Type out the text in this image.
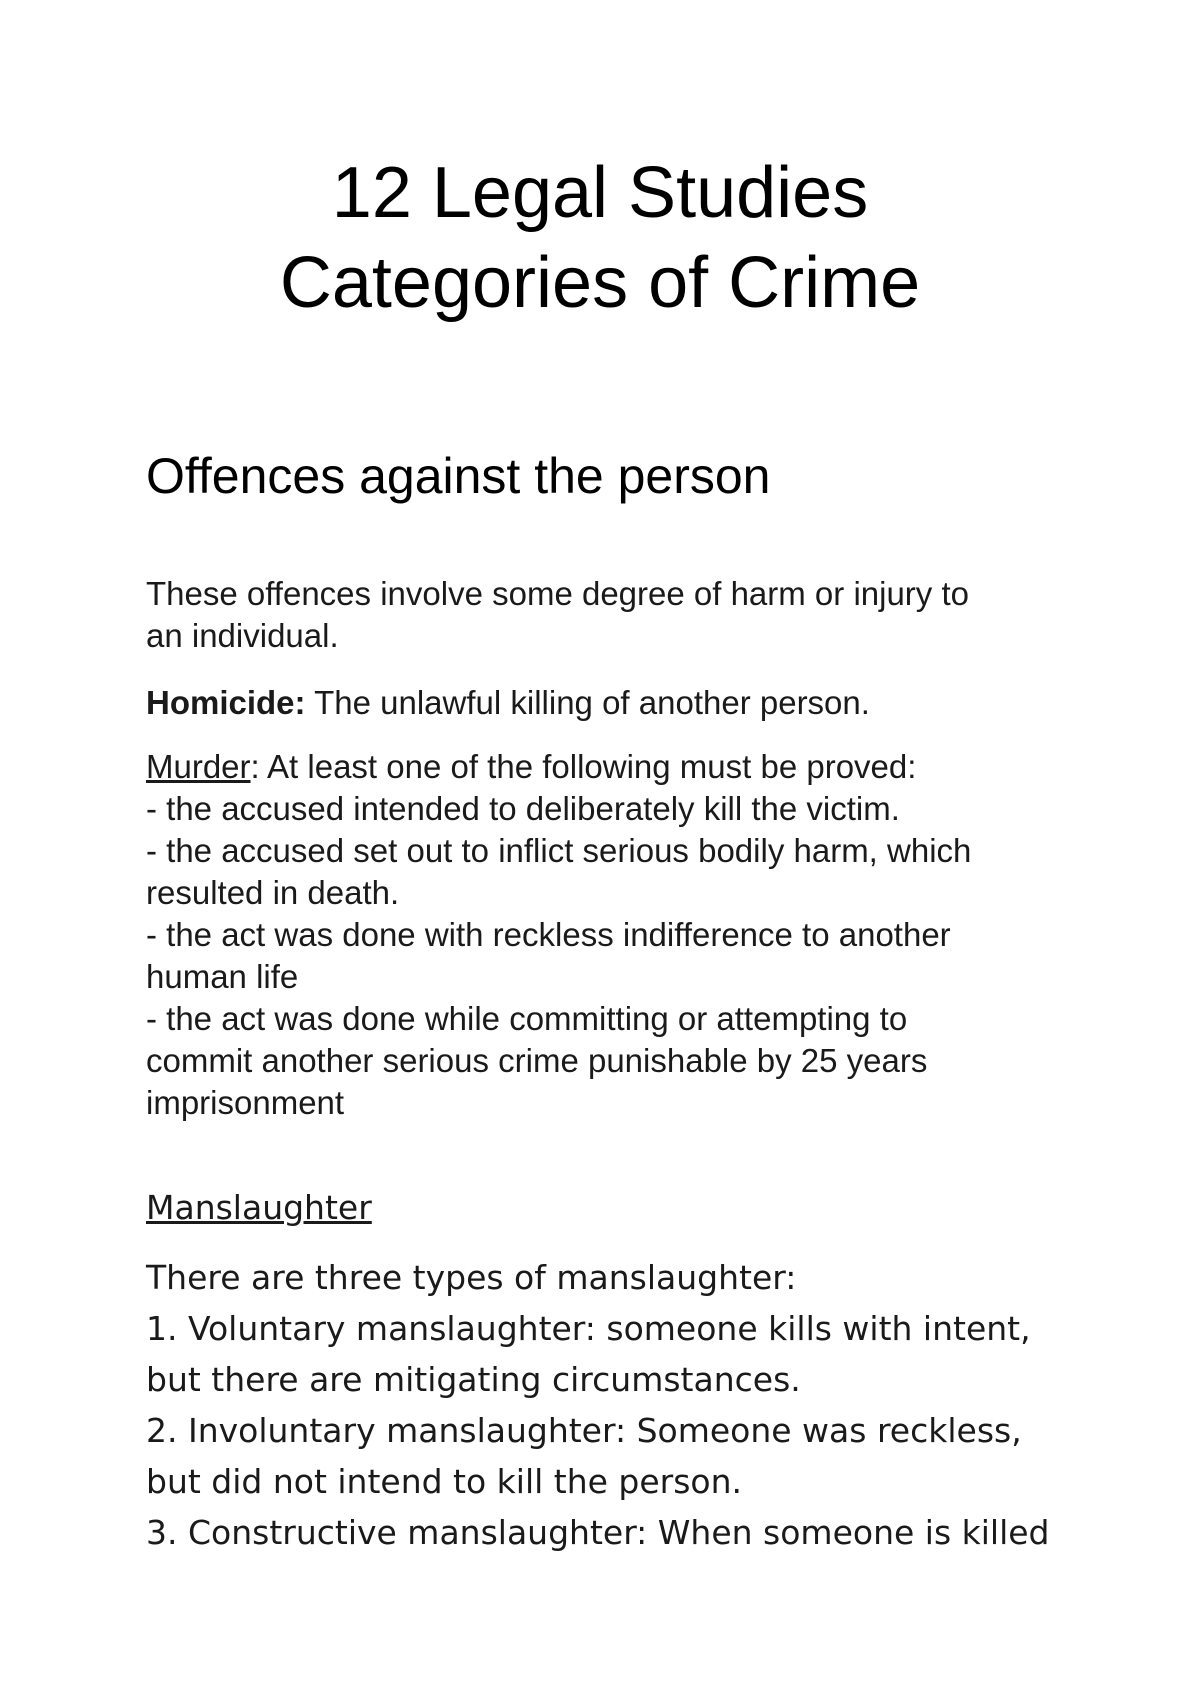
12 Legal Studies
Categories of Crime
Offences against the person
These offences involve some degree of harm or injury to
an individual.
Homicide: The unlawful killing of another person.
Murder: At least one of the following must be proved:
- the accused intended to deliberately kill the victim.
- the accused set out to inflict serious bodily harm, which
resulted in death.
- the act was done with reckless indifference to another
human life
- the act was done while committing or attempting to
commit another serious crime punishable by 25 years
imprisonment
Manslaughter
There are three types of manslaughter:
1. Voluntary manslaughter: someone kills with intent,
but there are mitigating circumstances.
2. Involuntary manslaughter: Someone was reckless,
but did not intend to kill the person.
3. Constructive manslaughter: When someone is killed
